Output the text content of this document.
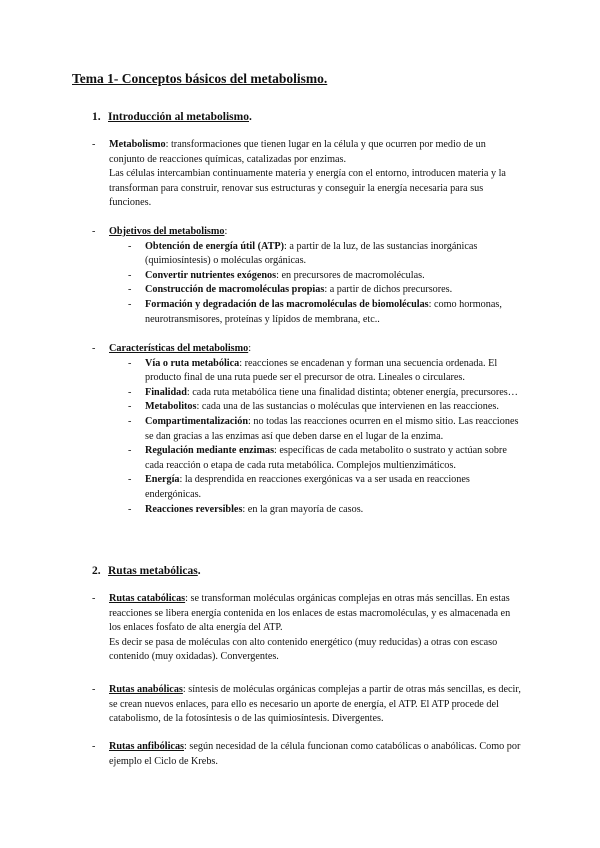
Tema 1- Conceptos básicos del metabolismo.
1. Introducción al metabolismo.
- Metabolismo: transformaciones que tienen lugar en la célula y que ocurren por medio de un conjunto de reacciones químicas, catalizadas por enzimas.
Las células intercambian continuamente materia y energía con el entorno, introducen materia y la transforman para construir, renovar sus estructuras y conseguir la energía necesaria para sus funciones.
- Objetivos del metabolismo:
- Obtención de energía útil (ATP): a partir de la luz, de las sustancias inorgánicas (quimiosíntesis) o moléculas orgánicas.
- Convertir nutrientes exógenos: en precursores de macromoléculas.
- Construcción de macromoléculas propias: a partir de dichos precursores.
- Formación y degradación de las macromoléculas de biomoléculas: como hormonas, neurotransmisores, proteínas y lípidos de membrana, etc..
- Características del metabolismo:
- Vía o ruta metabólica: reacciones se encadenan y forman una secuencia ordenada. El producto final de una ruta puede ser el precursor de otra. Lineales o circulares.
- Finalidad: cada ruta metabólica tiene una finalidad distinta; obtener energía, precursores…
- Metabolitos: cada una de las sustancias o moléculas que intervienen en las reacciones.
- Compartimentalización: no todas las reacciones ocurren en el mismo sitio. Las reacciones se dan gracias a las enzimas así que deben darse en el lugar de la enzima.
- Regulación mediante enzimas: específicas de cada metabolito o sustrato y actúan sobre cada reacción o etapa de cada ruta metabólica. Complejos multienzimáticos.
- Energía: la desprendida en reacciones exergónicas va a ser usada en reacciones endergónicas.
- Reacciones reversibles: en la gran mayoría de casos.
2. Rutas metabólicas.
- Rutas catabólicas: se transforman moléculas orgánicas complejas en otras más sencillas. En estas reacciones se libera energía contenida en los enlaces de estas macromoléculas, y es almacenada en los enlaces fosfato de alta energía del ATP.
Es decir se pasa de moléculas con alto contenido energético (muy reducidas) a otras con escaso contenido (muy oxidadas). Convergentes.
- Rutas anabólicas: síntesis de moléculas orgánicas complejas a partir de otras más sencillas, es decir, se crean nuevos enlaces, para ello es necesario un aporte de energía, el ATP. El ATP procede del catabolismo, de la fotosíntesis o de las quimiosíntesis. Divergentes.
- Rutas anfibólicas: según necesidad de la célula funcionan como catabólicas o anabólicas. Como por ejemplo el Ciclo de Krebs.
